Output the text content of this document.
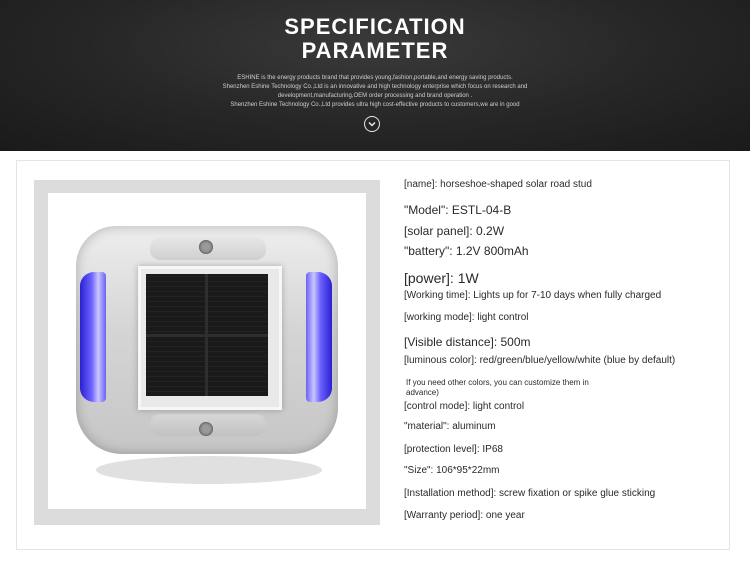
SPECIFICATION
PARAMETER
ESHINE is the energy products brand that provides young,fashion,portable,and energy saving products.
Shenzhen Eshine Technology Co.,Ltd is an innovative and high technology enterprise which focus on research and
development,manufacturing,OEM order processing and brand operation .
Shenzhen Eshine Technology Co.,Ltd provides ultra high cost-effective products to customers,we are in good
[name]: horseshoe-shaped solar road stud
"Model": ESTL-04-B
[solar panel]: 0.2W
"battery": 1.2V 800mAh
[power]: 1W
[Working time]: Lights up for 7-10 days when fully charged
[working mode]: light control
[Visible distance]: 500m
[luminous color]: red/green/blue/yellow/white (blue by default)
If you need other colors, you can customize them in advance)
[control mode]: light control
"material": aluminum
[protection level]: IP68
"Size": 106*95*22mm
[Installation method]: screw fixation or spike glue sticking
[Warranty period]: one year
